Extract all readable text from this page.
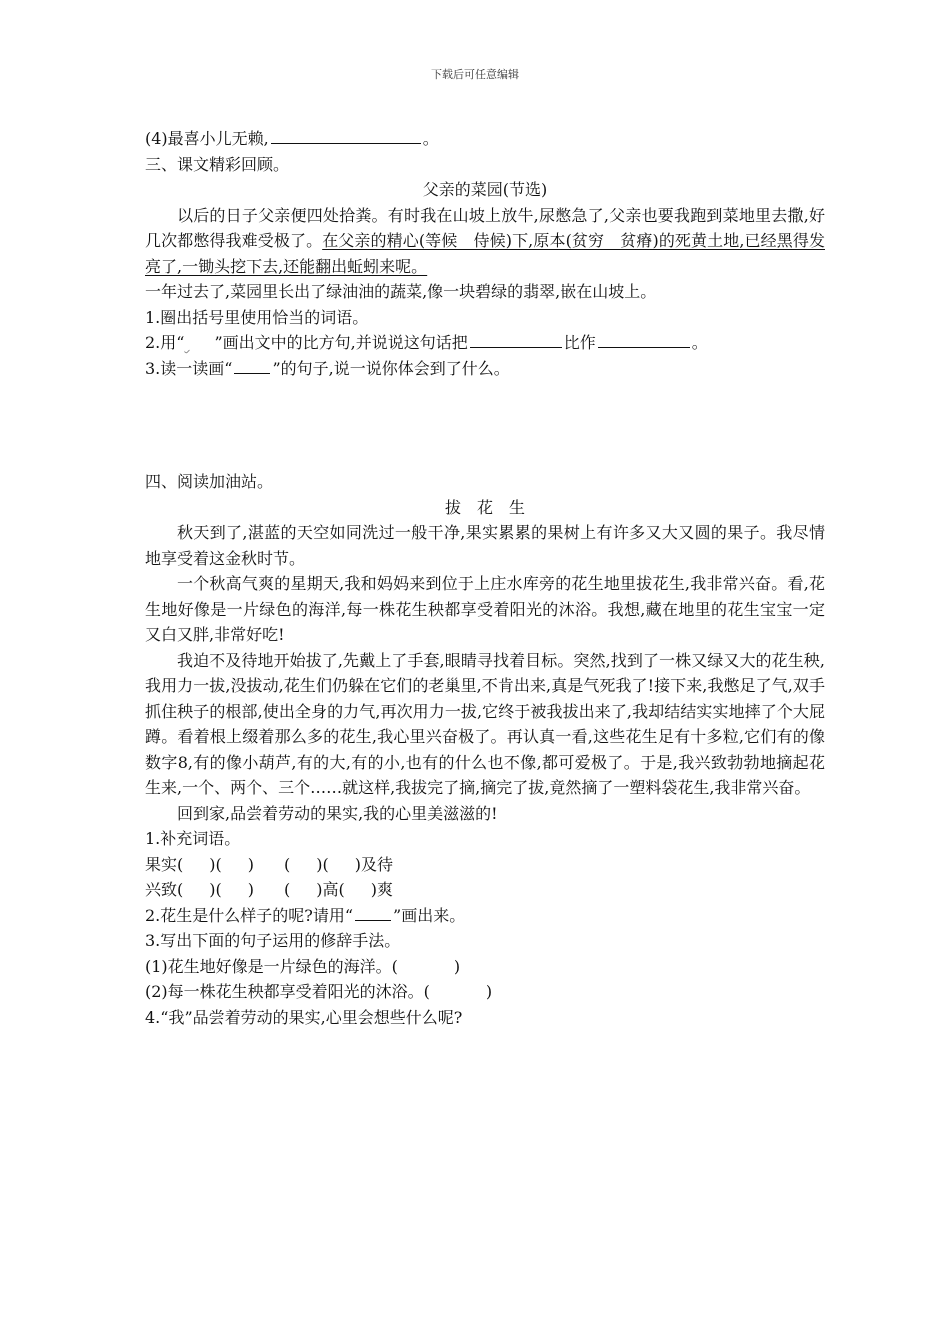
下载后可任意编辑
(4)最喜小儿无赖,	。
三、课文精彩回顾。
父亲的菜园(节选)
以后的日子父亲便四处拾粪。有时我在山坡上放牛,尿憋急了,父亲也要我跑到菜地里去撒,好几次都憋得我难受极了。在父亲的精心(等候　侍候)下,原本(贫穷　贫瘠)的死黄土地,已经黑得发亮了,一锄头挖下去,还能翻出蚯蚓来呢。
一年过去了,菜园里长出了绿油油的蔬菜,像一块碧绿的翡翠,嵌在山坡上。
1.圈出括号里使用恰当的词语。
2.用“ ”画出文中的比方句,并说说这句话把	比作	。
3.读一读画“	”的句子,说一说你体会到了什么。
四、阅读加油站。
拔　花　生
秋天到了,湛蓝的天空如同洗过一般干净,果实累累的果树上有许多又大又圆的果子。我尽情地享受着这金秋时节。
一个秋高气爽的星期天,我和妈妈来到位于上庄水库旁的花生地里拔花生,我非常兴奋。看,花生地好像是一片绿色的海洋,每一株花生秧都享受着阳光的沐浴。我想,藏在地里的花生宝宝一定又白又胖,非常好吃!
我迫不及待地开始拔了,先戴上了手套,眼睛寻找着目标。突然,找到了一株又绿又大的花生秧,我用力一拔,没拔动,花生们仍躲在它们的老巢里,不肯出来,真是气死我了!接下来,我憋足了气,双手抓住秧子的根部,使出全身的力气,再次用力一拔,它终于被我拔出来了,我却结结实实地摔了个大屁蹲。看着根上缀着那么多的花生,我心里兴奋极了。再认真一看,这些花生足有十多粒,它们有的像数字8,有的像小葫芦,有的大,有的小,也有的什么也不像,都可爱极了。于是,我兴致勃勃地摘起花生来,一个、两个、三个……就这样,我拔完了摘,摘完了拔,竟然摘了一塑料袋花生,我非常兴奋。
回到家,品尝着劳动的果实,我的心里美滋滋的!
1.补充词语。
果实( )( ) ( )( )及待
兴致( )( ) ( )高( )爽
2.花生是什么样子的呢?请用“	”画出来。
3.写出下面的句子运用的修辞手法。
(1)花生地好像是一片绿色的海洋。(	)
(2)每一株花生秧都享受着阳光的沐浴。(	)
4.“我”品尝着劳动的果实,心里会想些什么呢?
